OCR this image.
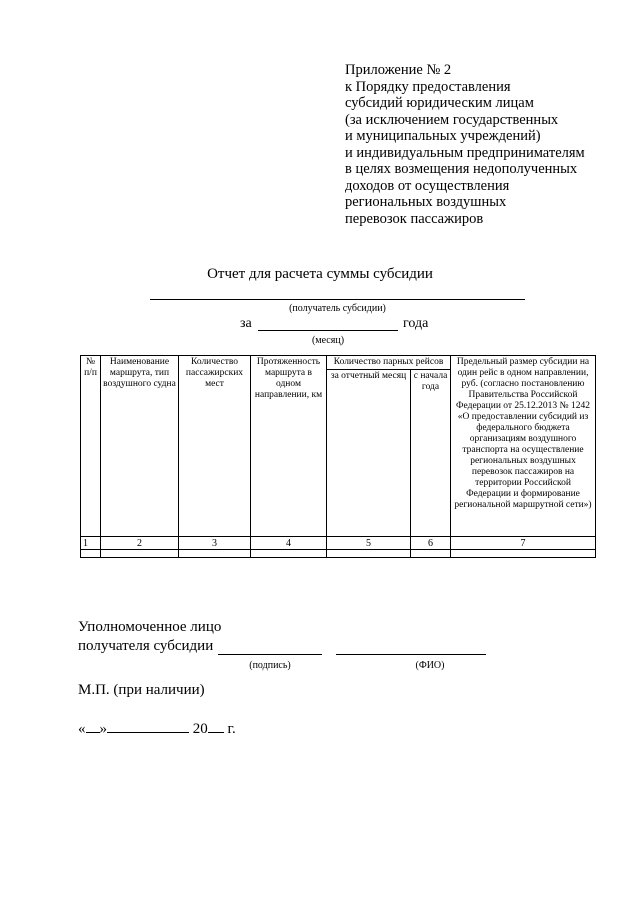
Приложение № 2
к Порядку предоставления
субсидий юридическим лицам
(за исключением государственных
и муниципальных учреждений)
и индивидуальным предпринимателям
в целях возмещения недополученных
доходов от осуществления
региональных воздушных
перевозок пассажиров
Отчет для расчета суммы субсидии
(получатель субсидии)
за	года
(месяц)
№ п/п	Наименование маршрута, тип воздушного судна	Количество пассажирских мест	Протяженность маршрута в одном направлении, км	Количество парных рейсов		Предельный размер субсидии на один рейс в одном направлении, руб. (согласно постановлению Правительства Российской Федерации от 25.12.2013 № 1242 «О предоставлении субсидий из федерального бюджета организациям воздушного транспорта на осуществление региональных воздушных перевозок пассажиров на территории Российской Федерации и формирование региональной маршрутной сети»)
				за отчетный месяц	с начала года	
1	2	3	4	5	6	7

Уполномоченное лицо
получателя субсидии
(подпись)	(ФИО)
М.П. (при наличии)
« »	20 г.
